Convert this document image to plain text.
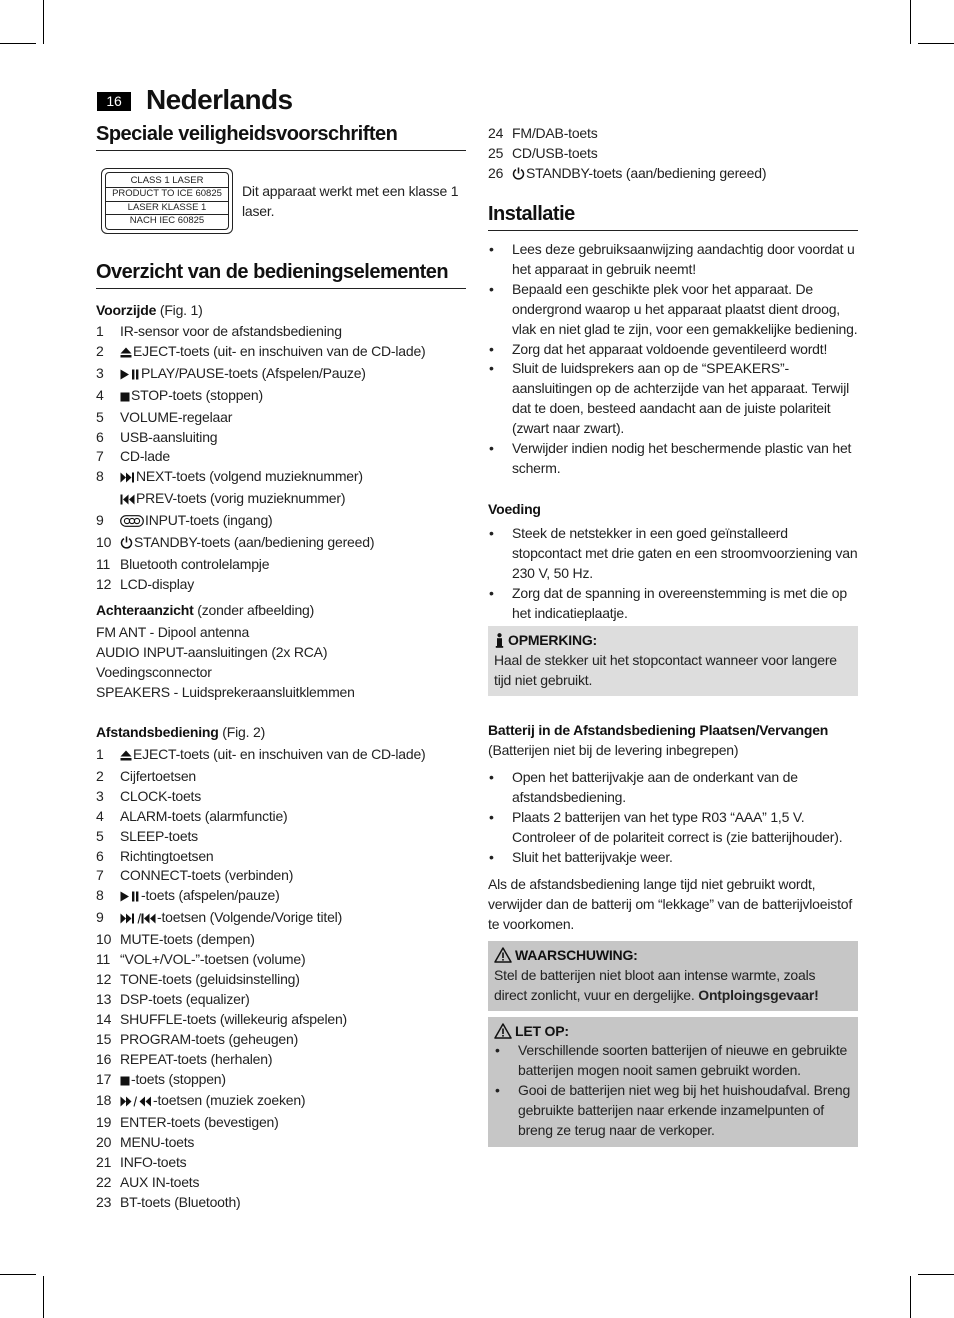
16 Nederlands
Speciale veiligheidsvoorschriften
CLASS 1 LASER
PRODUCT TO ICE 60825
LASER KLASSE 1
NACH IEC 60825
Dit apparaat werkt met een klasse 1 laser.
Overzicht van de bedieningselementen
Voorzijde (Fig. 1)
1 IR-sensor voor de afstandsbediening
2 EJECT-toets (uit- en inschuiven van de CD-lade)
3	PLAY/PAUSE-toets (Afspelen/Pauze)
4 STOP-toets (stoppen)
5 VOLUME-regelaar
6 USB-aansluiting
7 CD-lade
8 NEXT-toets (volgend muzieknummer)
PREV-toets (vorig muzieknummer)
9	INPUT-toets (ingang)
10 STANDBY-toets (aan/bediening gereed)
11 Bluetooth controlelampje
12 LCD-display
Achteraanzicht (zonder afbeelding)
FM ANT - Dipool antenna
AUDIO INPUT-aansluitingen (2x RCA)
Voedingsconnector
SPEAKERS - Luidsprekeraansluitklemmen
Afstandsbediening (Fig. 2)
1 EJECT-toets (uit- en inschuiven van de CD-lade)
2 Cijfertoetsen
3 CLOCK-toets
4 ALARM-toets (alarmfunctie)
5 SLEEP-toets
6 Richtingtoetsen
7 CONNECT-toets (verbinden)
8	-toets (afspelen/pauze)
9	-toetsen (Volgende/Vorige titel)
10 MUTE-toets (dempen)
11 “VOL+/VOL-”-toetsen (volume)
12 TONE-toets (geluidsinstelling)
13 DSP-toets (equalizer)
14 SHUFFLE-toets (willekeurig afspelen)
15 PROGRAM-toets (geheugen)
16 REPEAT-toets (herhalen)
17 -toets (stoppen)
18	-toetsen (muziek zoeken)
19 ENTER-toets (bevestigen)
20 MENU-toets
21 INFO-toets
22 AUX IN-toets
23 BT-toets (Bluetooth)
24 FM/DAB-toets
25 CD/USB-toets
26 STANDBY-toets (aan/bediening gereed)
Installatie
• Lees deze gebruiksaanwijzing aandachtig door voordat u het apparaat in gebruik neemt!
• Bepaald een geschikte plek voor het apparaat. De ondergrond waarop u het apparaat plaatst dient droog, vlak en niet glad te zijn, voor een gemakkelijke bediening.
• Zorg dat het apparaat voldoende geventileerd wordt!
• Sluit de luidsprekers aan op de “SPEAKERS”-aansluitingen op de achterzijde van het apparaat. Terwijl dat te doen, besteed aandacht aan de juiste polariteit (zwart naar zwart).
• Verwijder indien nodig het beschermende plastic van het scherm.
Voeding
• Steek de netstekker in een goed geïnstalleerd stopcontact met drie gaten en een stroomvoorziening van 230 V, 50 Hz.
• Zorg dat de spanning in overeenstemming is met die op het indicatieplaatje.
OPMERKING:
Haal de stekker uit het stopcontact wanneer voor langere tijd niet gebruikt.
Batterij in de Afstandsbediening Plaatsen/Vervangen
(Batterijen niet bij de levering inbegrepen)
• Open het batterijvakje aan de onderkant van de afstandsbediening.
• Plaats 2 batterijen van het type R03 “AAA” 1,5 V. Controleer of de polariteit correct is (zie batterijhouder).
• Sluit het batterijvakje weer.
Als de afstandsbediening lange tijd niet gebruikt wordt, verwijder dan de batterij om “lekkage” van de batterijvloeistof te voorkomen.
WAARSCHUWING:
Stel de batterijen niet bloot aan intense warmte, zoals direct zonlicht, vuur en dergelijke. Ontploingsgevaar!
LET OP:
• Verschillende soorten batterijen of nieuwe en gebruikte batterijen mogen nooit samen gebruikt worden.
• Gooi de batterijen niet weg bij het huishoudafval. Breng gebruikte batterijen naar erkende inzamelpunten of breng ze terug naar de verkoper.
